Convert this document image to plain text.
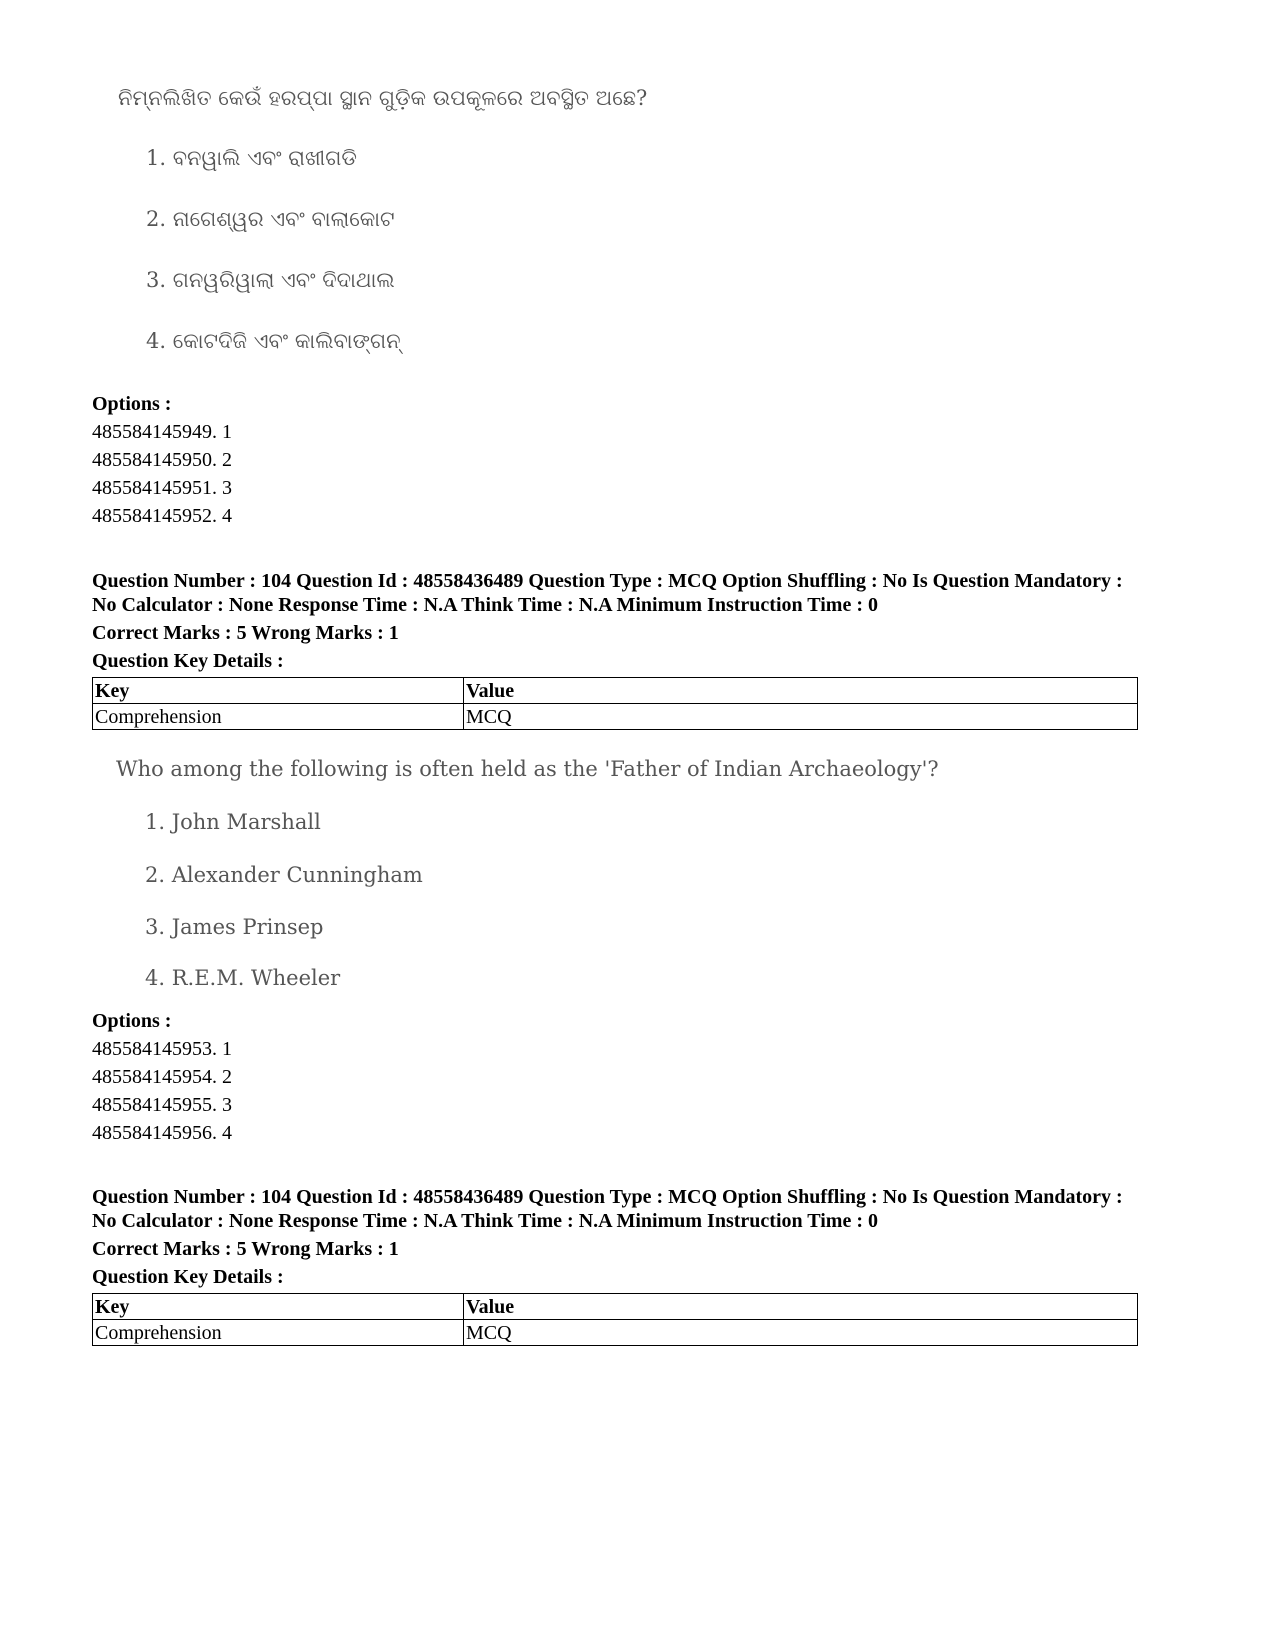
ନିମ୍ନଲିଖିତ କେଉଁ ହରପ୍ପା ସ୍ଥାନ ଗୁଡ଼ିକ ଉପକୂଳରେ ଅବସ୍ଥିତ ଅଛେ?
1. ବନୱାଲି ଏବଂ ରାଖୀଗଡି
2. ନାଗେଶ୍ୱର ଏବଂ ବାଲାକୋଟ
3. ଗନୱରିୱାଲା ଏବଂ ଦିଦାଥାଲ
4. କୋଟଦିଜି ଏବଂ କାଲିବାଙ୍ଗନ୍
Options :
485584145949. 1
485584145950. 2
485584145951. 3
485584145952. 4
Question Number : 104 Question Id : 48558436489 Question Type : MCQ Option Shuffling : No Is Question Mandatory :
No Calculator : None Response Time : N.A Think Time : N.A Minimum Instruction Time : 0
Correct Marks : 5 Wrong Marks : 1
Question Key Details :
Key	Value
Comprehension	MCQ
Who among the following is often held as the 'Father of Indian Archaeology'?
1. John Marshall
2. Alexander Cunningham
3. James Prinsep
4. R.E.M. Wheeler
Options :
485584145953. 1
485584145954. 2
485584145955. 3
485584145956. 4
Question Number : 104 Question Id : 48558436489 Question Type : MCQ Option Shuffling : No Is Question Mandatory :
No Calculator : None Response Time : N.A Think Time : N.A Minimum Instruction Time : 0
Correct Marks : 5 Wrong Marks : 1
Question Key Details :
Key	Value
Comprehension	MCQ
